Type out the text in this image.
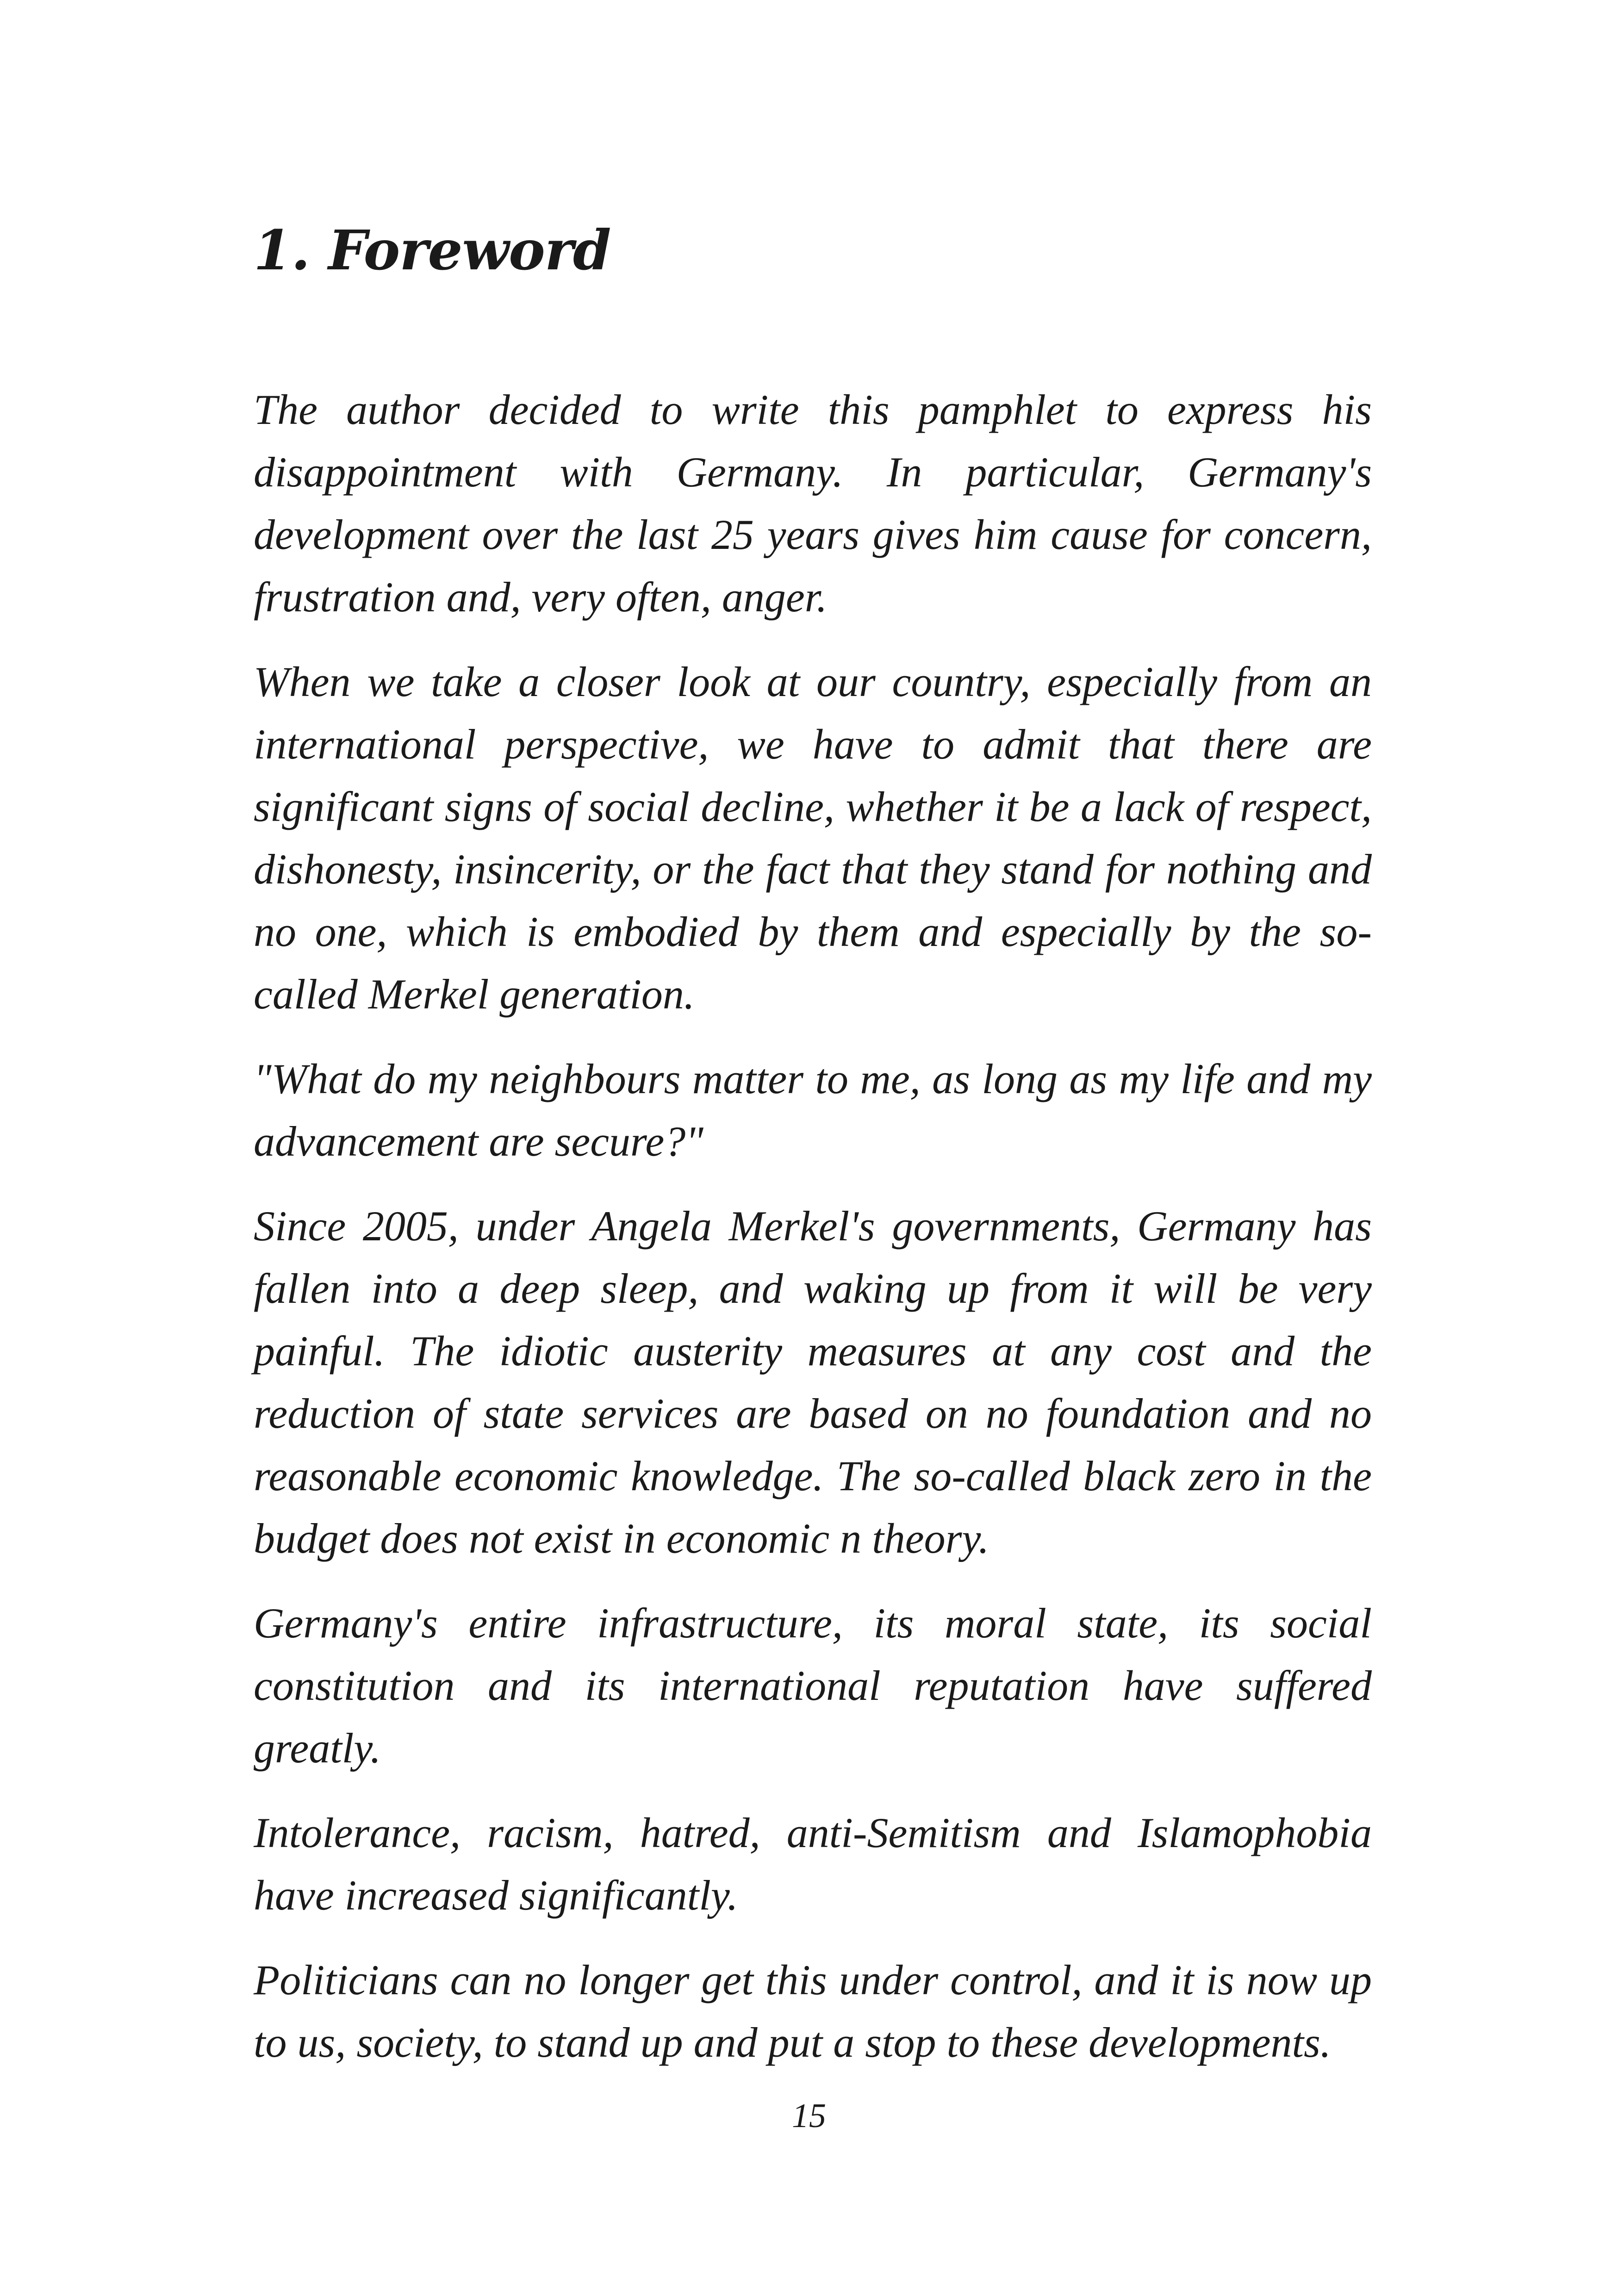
1. Foreword

The author decided to write this pamphlet to express his disappointment with Germany. In particular, Germany's development over the last 25 years gives him cause for concern, frustration and, very often, anger.

When we take a closer look at our country, especially from an international perspective, we have to admit that there are significant signs of social decline, whether it be a lack of respect, dishonesty, insincerity, or the fact that they stand for nothing and no one, which is embodied by them and especially by the so-called Merkel generation.

"What do my neighbours matter to me, as long as my life and my advancement are secure?"

Since 2005, under Angela Merkel's governments, Germany has fallen into a deep sleep, and waking up from it will be very painful. The idiotic austerity measures at any cost and the reduction of state services are based on no foundation and no reasonable economic knowledge. The so-called black zero in the budget does not exist in economic n theory.

Germany's entire infrastructure, its moral state, its social constitution and its international reputation have suffered greatly.

Intolerance, racism, hatred, anti-Semitism and Islamophobia have increased significantly.

Politicians can no longer get this under control, and it is now up to us, society, to stand up and put a stop to these developments.

15
